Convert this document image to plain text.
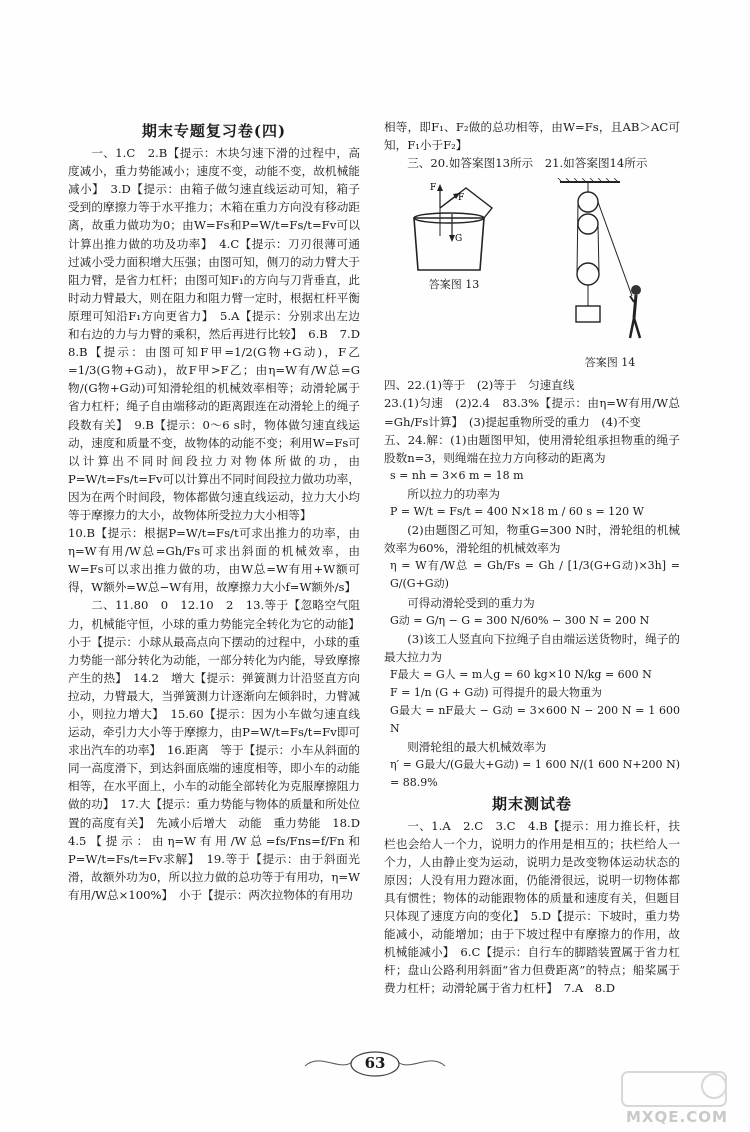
期末专题复习卷(四)

一、1.C　2.B【提示：木块匀速下滑的过程中，高度减小，重力势能减小；速度不变，动能不变，故机械能减小】　3.D【提示：由箱子做匀速直线运动可知，箱子受到的摩擦力等于水平推力；木箱在重力方向没有移动距离，故重力做功为0；由W=Fs和P=W/t=Fs/t=Fv可以计算出推力做的功及功率】　4.C【提示：刀刃很薄可通过减小受力面积增大压强；由图可知，侧刀的动力臂大于阻力臂，是省力杠杆；由图可知F₁的方向与刀背垂直，此时动力臂最大，则在阻力和阻力臂一定时，根据杠杆平衡原理可知沿F₁方向更省力】　5.A【提示：分别求出左边和右边的力与力臂的乘积，然后再进行比较】　6.B　7.D　8.B【提示：由图可知F甲=1/2(G物+G动)，F乙=1/3(G物+G动)，故F甲>F乙；由η=W有/W总=G物/(G物+G动)可知滑轮组的机械效率相等；动滑轮属于省力杠杆；绳子自由端移动的距离跟连在动滑轮上的绳子段数有关】　9.B【提示：0～6 s时，物体做匀速直线运动，速度和质量不变，故物体的动能不变；利用W=Fs可以计算出不同时间段拉力对物体所做的功，由P=W/t=Fs/t=Fv可以计算出不同时间段拉力做功功率，因为在两个时间段，物体都做匀速直线运动，拉力大小均等于摩擦力的大小，故物体所受拉力大小相等】

10.B【提示：根据P=W/t=Fs/t可求出推力的功率，由η=W有用/W总=Gh/Fs可求出斜面的机械效率，由W=Fs可以求出推力做的功，由W总=W有用+W额可得，W额外=W总−W有用，故摩擦力大小f=W额外/s】

二、11.80　0　12.10　2　13.等于【忽略空气阻力，机械能守恒，小球的重力势能完全转化为它的动能】小于【提示：小球从最高点向下摆动的过程中，小球的重力势能一部分转化为动能，一部分转化为内能，导致摩擦产生的热】　14.2　增大【提示：弹簧测力计沿竖直方向拉动，力臂最大，当弹簧测力计逐渐向左倾斜时，力臂减小，则拉力增大】　15.60【提示：因为小车做匀速直线运动，牵引力大小等于摩擦力，由P=W/t=Fs/t=Fv即可求出汽车的功率】　16.距离　等于【提示：小车从斜面的同一高度滑下，到达斜面底端的速度相等，即小车的动能相等，在水平面上，小车的动能全部转化为克服摩擦阻力做的功】　17.大【提示：重力势能与物体的质量和所处位置的高度有关】　先减小后增大　动能　重力势能　18.D　4.5【提示：由η=W有用/W总=fs/Fns=f/Fn和P=W/t=Fs/t=Fv求解】　19.等于【提示：由于斜面光滑，故额外功为0，所以拉力做的总功等于有用功，η=W有用/W总×100%】　小于【提示：两次拉物体的有用功

相等，即F₁、F₂做的总功相等，由W=Fs，且AB＞AC可知，F₁小于F₂】

三、20.如答案图13所示　21.如答案图14所示

F
F
G
答案图 13
答案图 14

四、22.(1)等于　(2)等于　匀速直线

23.(1)匀速　(2)2.4　83.3%【提示：由η=W有用/W总=Gh/Fs计算】　(3)提起重物所受的重力　(4)不变

五、24.解：(1)由题图甲知，使用滑轮组承担物重的绳子股数n=3，则绳端在拉力方向移动的距离为

s = nh = 3×6 m = 18 m

所以拉力的功率为

P = W/t = Fs/t = 400 N×18 m / 60 s = 120 W

(2)由题图乙可知，物重G=300 N时，滑轮组的机械效率为60%，滑轮组的机械效率为

η = W有/W总 = Gh/Fs = Gh / [1/3(G+G动)×3h] = G/(G+G动)

可得动滑轮受到的重力为

G动 = G/η − G = 300 N/60% − 300 N = 200 N

(3)该工人竖直向下拉绳子自由端运送货物时，绳子的最大拉力为

F最大 = G人 = m人g = 60 kg×10 N/kg = 600 N

F = 1/n (G + G动) 可得提升的最大物重为

G最大 = nF最大 − G动 = 3×600 N − 200 N = 1 600 N

则滑轮组的最大机械效率为

η′ = G最大/(G最大+G动) = 1 600 N/(1 600 N+200 N) = 88.9%

期末测试卷

一、1.A　2.C　3.C　4.B【提示：用力推长杆，扶栏也会给人一个力，说明力的作用是相互的；扶栏给人一个力，人由静止变为运动，说明力是改变物体运动状态的原因；人没有用力蹬冰面，仍能滑很远，说明一切物体都具有惯性；物体的动能跟物体的质量和速度有关，但题目只体现了速度方向的变化】　5.D【提示：下坡时，重力势能减小，动能增加；由于下坡过程中有摩擦力的作用，故机械能减小】　6.C【提示：自行车的脚踏装置属于省力杠杆；盘山公路利用斜面“省力但费距离”的特点；船桨属于费力杠杆；动滑轮属于省力杠杆】　7.A　8.D

63
MXQE.COM
